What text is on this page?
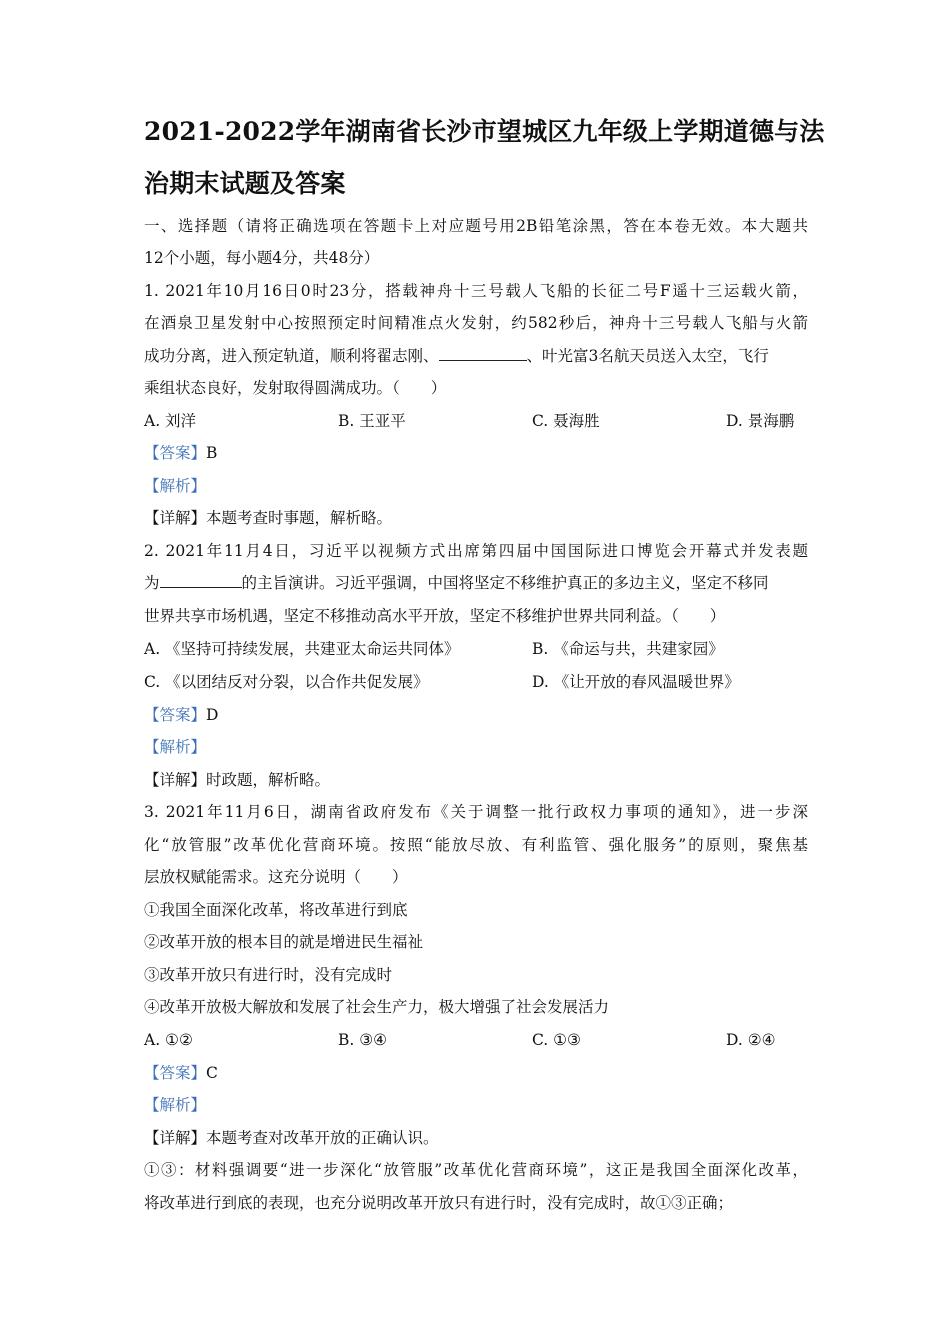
2021-2022学年湖南省长沙市望城区九年级上学期道德与法
治期末试题及答案
一、选择题（请将正确选项在答题卡上对应题号用2B铅笔涂黑，答在本卷无效。本大题共
12个小题，每小题4分，共48分）
1. 2021年10月16日0时23分，搭载神舟十三号载人飞船的长征二号F遥十三运载火箭，
在酒泉卫星发射中心按照预定时间精准点火发射，约582秒后，神舟十三号载人飞船与火箭
成功分离，进入预定轨道，顺利将翟志刚、	、叶光富3名航天员送入太空，飞行
乘组状态良好，发射取得圆满成功。（　　）
A. 刘洋	B. 王亚平	C. 聂海胜	D. 景海鹏
【答案】B
【解析】
【详解】本题考查时事题，解析略。
2. 2021年11月4日，习近平以视频方式出席第四届中国国际进口博览会开幕式并发表题
为	的主旨演讲。习近平强调，中国将坚定不移维护真正的多边主义，坚定不移同
世界共享市场机遇，坚定不移推动高水平开放，坚定不移维护世界共同利益。（　　）
A. 《坚持可持续发展，共建亚太命运共同体》	B. 《命运与共，共建家园》
C. 《以团结反对分裂，以合作共促发展》	D. 《让开放的春风温暖世界》
【答案】D
【解析】
【详解】时政题，解析略。
3. 2021年11月6日，湖南省政府发布《关于调整一批行政权力事项的通知》，进一步深
化“放管服”改革优化营商环境。按照“能放尽放、有利监管、强化服务”的原则，聚焦基
层放权赋能需求。这充分说明（　　）
①我国全面深化改革，将改革进行到底
②改革开放的根本目的就是增进民生福祉
③改革开放只有进行时，没有完成时
④改革开放极大解放和发展了社会生产力，极大增强了社会发展活力
A. ①②	B. ③④	C. ①③	D. ②④
【答案】C
【解析】
【详解】本题考查对改革开放的正确认识。
①③：材料强调要“进一步深化“放管服”改革优化营商环境”，这正是我国全面深化改革，
将改革进行到底的表现，也充分说明改革开放只有进行时，没有完成时，故①③正确；
